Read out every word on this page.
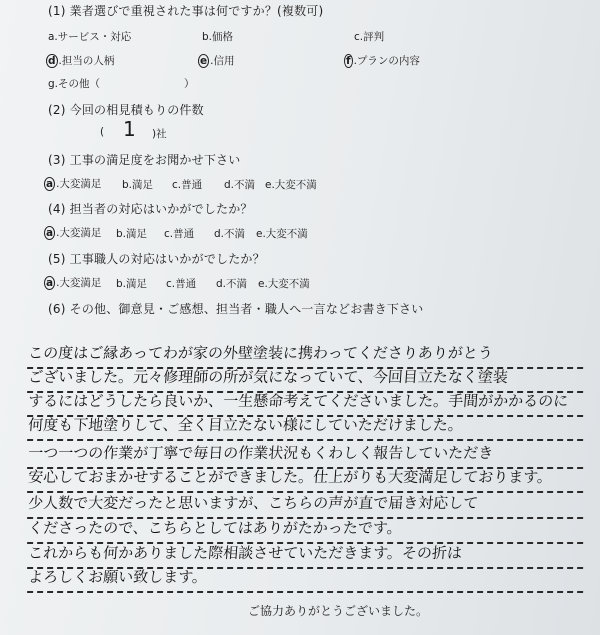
(1) 業者選びで重視された事は何ですか？(複数可)
a.サービス・対応	b.価格	c.評判
d .担当の人柄	e .信用	f .プランの内容
g.その他（	）
(2) 今回の相見積もりの件数
( 1 )社
(3) 工事の満足度をお聞かせ下さい
a .大変満足 b.満足 c.普通 d.不満 e.大変不満
(4) 担当者の対応はいかがでしたか？
a .大変満足 b.満足 c.普通 d.不満 e.大変不満
(5) 工事職人の対応はいかがでしたか？
a .大変満足 b.満足 c.普通 d.不満 e.大変不満
(6) その他、御意見・ご感想、担当者・職人へ一言などお書き下さい
この度はご縁あってわが家の外壁塗装に携わってくださりありがとう
ございました。元々修理師の所が気になっていて、今回目立たなく塗装
するにはどうしたら良いか、一生懸命考えてくださいました。手間がかかるのに
何度も下地塗りして、全く目立たない様にしていただけました。
一つ一つの作業が丁寧で毎日の作業状況もくわしく報告していただき
安心しておまかせすることができました。仕上がりも大変満足しております。
少人数で大変だったと思いますが、こちらの声が直で届き対応して
くださったので、こちらとしてはありがたかったです。
これからも何かありました際相談させていただきます。その折は
よろしくお願い致します。
ご協力ありがとうございました。
